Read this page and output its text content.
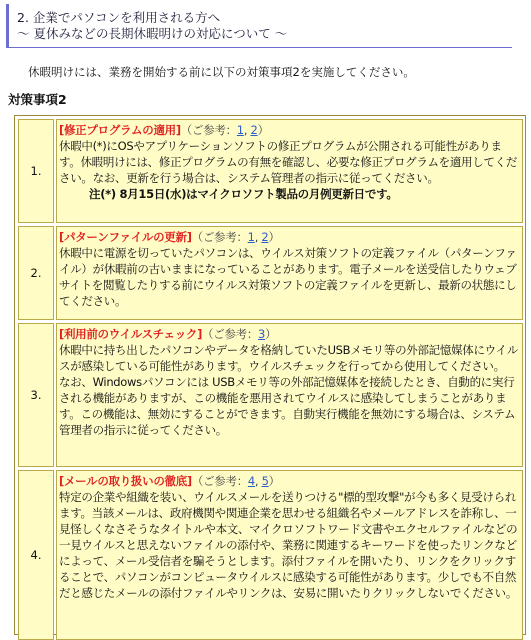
2. 企業でパソコンを利用される方へ
～ 夏休みなどの長期休暇明けの対応について ～
休暇明けには、業務を開始する前に以下の対策事項2を実施してください。
対策事項2
1.
[修正プログラムの適用]（ご参考：1, 2）
休暇中(*)にOSやアプリケーションソフトの修正プログラムが公開される可能性があります。休暇明けには、修正プログラムの有無を確認し、必要な修正プログラムを適用してください。なお、更新を行う場合は、システム管理者の指示に従ってください。
注(*) 8月15日(水)はマイクロソフト製品の月例更新日です。
2.
[パターンファイルの更新]（ご参考：1, 2）
休暇中に電源を切っていたパソコンは、ウイルス対策ソフトの定義ファイル（パターンファイル）が休暇前の古いままになっていることがあります。電子メールを送受信したりウェブサイトを閲覧したりする前にウイルス対策ソフトの定義ファイルを更新し、最新の状態にしてください。
3.
[利用前のウイルスチェック]（ご参考：3）
休暇中に持ち出したパソコンやデータを格納していたUSBメモリ等の外部記憶媒体にウイルスが感染している可能性があります。ウイルスチェックを行ってから使用してください。
なお、Windowsパソコンには USBメモリ等の外部記憶媒体を接続したとき、自動的に実行される機能がありますが、この機能を悪用されてウイルスに感染してしまうことがあります。この機能は、無効にすることができます。自動実行機能を無効にする場合は、システム管理者の指示に従ってください。
4.
[メールの取り扱いの徹底]（ご参考：4, 5）
特定の企業や組織を装い、ウイルスメールを送りつける"標的型攻撃"が今も多く見受けられます。当該メールは、政府機関や関連企業を思わせる組織名やメールアドレスを詐称し、一見怪しくなさそうなタイトルや本文、マイクロソフトワード文書やエクセルファイルなどの一見ウイルスと思えないファイルの添付や、業務に関連するキーワードを使ったリンクなどによって、メール受信者を騙そうとします。添付ファイルを開いたり、リンクをクリックすることで、パソコンがコンピュータウイルスに感染する可能性があります。少しでも不自然だと感じたメールの添付ファイルやリンクは、安易に開いたりクリックしないでください。
